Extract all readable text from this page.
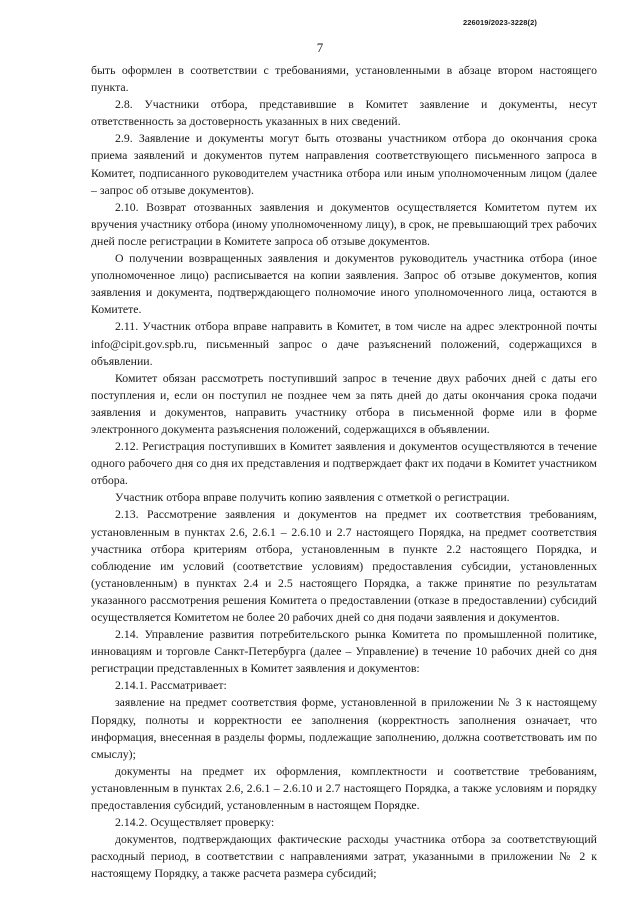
226019/2023-3228(2)
7

быть оформлен в соответствии с требованиями, установленными в абзаце втором настоящего пункта.

2.8. Участники отбора, представившие в Комитет заявление и документы, несут ответственность за достоверность указанных в них сведений.

2.9. Заявление и документы могут быть отозваны участником отбора до окончания срока приема заявлений и документов путем направления соответствующего письменного запроса в Комитет, подписанного руководителем участника отбора или иным уполномоченным лицом (далее – запрос об отзыве документов).

2.10. Возврат отозванных заявления и документов осуществляется Комитетом путем их вручения участнику отбора (иному уполномоченному лицу), в срок, не превышающий трех рабочих дней после регистрации в Комитете запроса об отзыве документов.

О получении возвращенных заявления и документов руководитель участника отбора (иное уполномоченное лицо) расписывается на копии заявления. Запрос об отзыве документов, копия заявления и документа, подтверждающего полномочие иного уполномоченного лица, остаются в Комитете.

2.11. Участник отбора вправе направить в Комитет, в том числе на адрес электронной почты info@cipit.gov.spb.ru, письменный запрос о даче разъяснений положений, содержащихся в объявлении.

Комитет обязан рассмотреть поступивший запрос в течение двух рабочих дней с даты его поступления и, если он поступил не позднее чем за пять дней до даты окончания срока подачи заявления и документов, направить участнику отбора в письменной форме или в форме электронного документа разъяснения положений, содержащихся в объявлении.

2.12. Регистрация поступивших в Комитет заявления и документов осуществляются в течение одного рабочего дня со дня их представления и подтверждает факт их подачи в Комитет участником отбора.

Участник отбора вправе получить копию заявления с отметкой о регистрации.

2.13. Рассмотрение заявления и документов на предмет их соответствия требованиям, установленным в пунктах 2.6, 2.6.1 – 2.6.10 и 2.7 настоящего Порядка, на предмет соответствия участника отбора критериям отбора, установленным в пункте 2.2 настоящего Порядка, и соблюдение им условий (соответствие условиям) предоставления субсидии, установленных (установленным) в пунктах 2.4 и 2.5 настоящего Порядка, а также принятие по результатам указанного рассмотрения решения Комитета о предоставлении (отказе в предоставлении) субсидий осуществляется Комитетом не более 20 рабочих дней со дня подачи заявления и документов.

2.14. Управление развития потребительского рынка Комитета по промышленной политике, инновациям и торговле Санкт-Петербурга (далее – Управление) в течение 10 рабочих дней со дня регистрации представленных в Комитет заявления и документов:

2.14.1. Рассматривает:

заявление на предмет соответствия форме, установленной в приложении № 3 к настоящему Порядку, полноты и корректности ее заполнения (корректность заполнения означает, что информация, внесенная в разделы формы, подлежащие заполнению, должна соответствовать им по смыслу);

документы на предмет их оформления, комплектности и соответствие требованиям, установленным в пунктах 2.6, 2.6.1 – 2.6.10 и 2.7 настоящего Порядка, а также условиям и порядку предоставления субсидий, установленным в настоящем Порядке.

2.14.2. Осуществляет проверку:

документов, подтверждающих фактические расходы участника отбора за соответствующий расходный период, в соответствии с направлениями затрат, указанными в приложении № 2 к настоящему Порядку, а также расчета размера субсидий;
